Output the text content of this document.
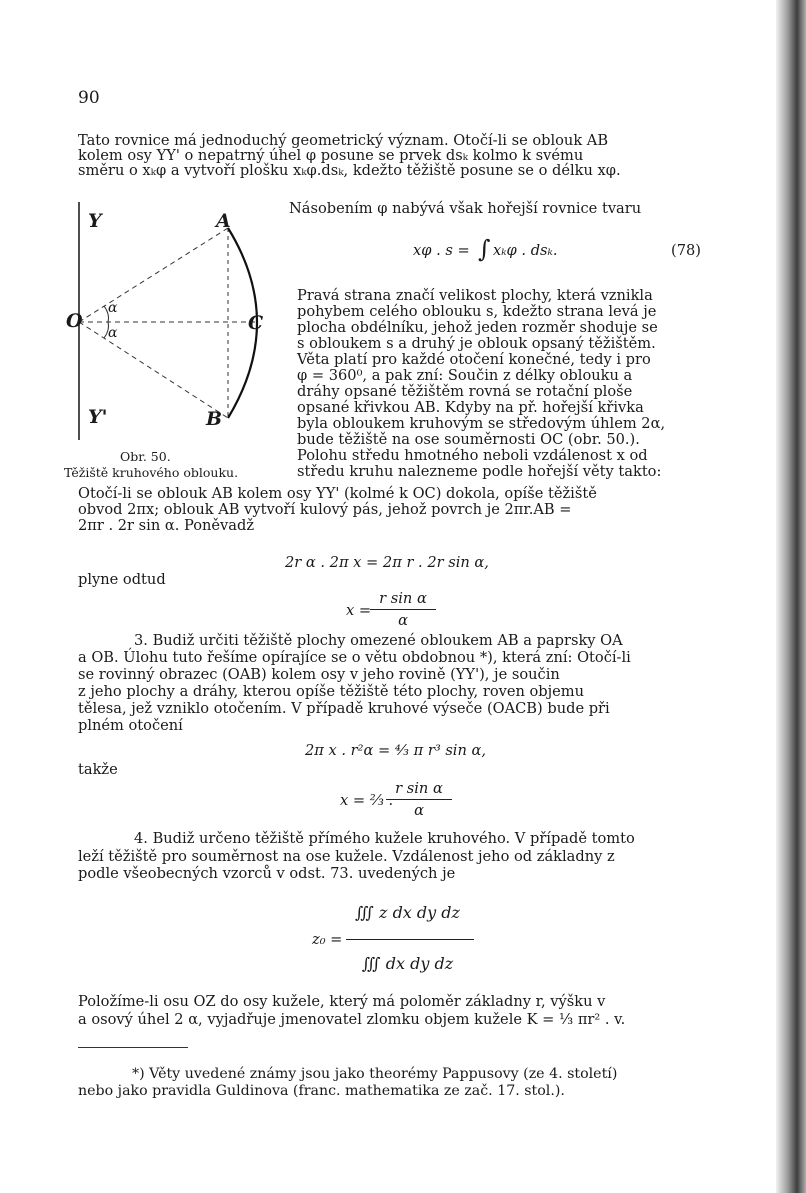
90
Tato rovnice má jednoduchý geometrický význam. Otočí-li se oblouk AB
kolem osy YY' o nepatrný úhel φ posune se prvek dsₖ kolmo k svému
směru o xₖφ a vytvoří plošku xₖφ.dsₖ, kdežto těžiště posune se o délku xφ.
Y	A
O	C
α
α
Y'	B
Obr. 50.
Těžiště kruhového oblouku.
Násobením φ nabývá však hořejší rovnice tvaru
xφ . s = ∫ xₖφ . dsₖ.	(78)
Pravá strana značí velikost plochy, která vznikla
pohybem celého oblouku s, kdežto strana levá je
plocha obdélníku, jehož jeden rozměr shoduje se
s obloukem s a druhý je oblouk opsaný těžištěm.
Věta platí pro každé otočení konečné, tedy i pro
φ = 360⁰, a pak zní: Součin z délky oblouku a
dráhy opsané těžištěm rovná se rotační ploše
opsané křivkou AB. Kdyby na př. hořejší křivka
byla obloukem kruhovým se středovým úhlem 2α,
bude těžiště na ose souměrnosti OC (obr. 50.).
Polohu středu hmotného neboli vzdálenost x od
středu kruhu nalezneme podle hořejší věty takto:
Otočí-li se oblouk AB kolem osy YY' (kolmé k OC) dokola, opíše těžiště
obvod 2πx; oblouk AB vytvoří kulový pás, jehož povrch je 2πr.AB =
2πr . 2r sin α. Poněvadž
2r α . 2π x = 2π r . 2r sin α,
plyne odtud
x =
r sin α
α
3. Budiž určiti těžiště plochy omezené obloukem AB a paprsky OA
a OB. Úlohu tuto řešíme opírajíce se o větu obdobnou *), která zní: Otočí-li
se rovinný obrazec (OAB) kolem osy v jeho rovině (YY'), je součin
z jeho plochy a dráhy, kterou opíše těžiště této plochy, roven objemu
tělesa, jež vzniklo otočením. V případě kruhové výseče (OACB) bude při
plném otočení
2π x . r²α = ⁴⁄₃ π r³ sin α,
takže
x = ⅔ .
r sin α
α
4. Budiž určeno těžiště přímého kužele kruhového. V případě tomto
leží těžiště pro souměrnost na ose kužele. Vzdálenost jeho od základny z
podle všeobecných vzorců v odst. 73. uvedených je
z₀ =
∭ z dx dy dz
∭ dx dy dz
Položíme-li osu OZ do osy kužele, který má poloměr základny r, výšku v
a osový úhel 2 α, vyjadřuje jmenovatel zlomku objem kužele K = ⅓ πr² . v.
*) Věty uvedené známy jsou jako theorémy Pappusovy (ze 4. století)
nebo jako pravidla Guldinova (franc. mathematika ze zač. 17. stol.).
